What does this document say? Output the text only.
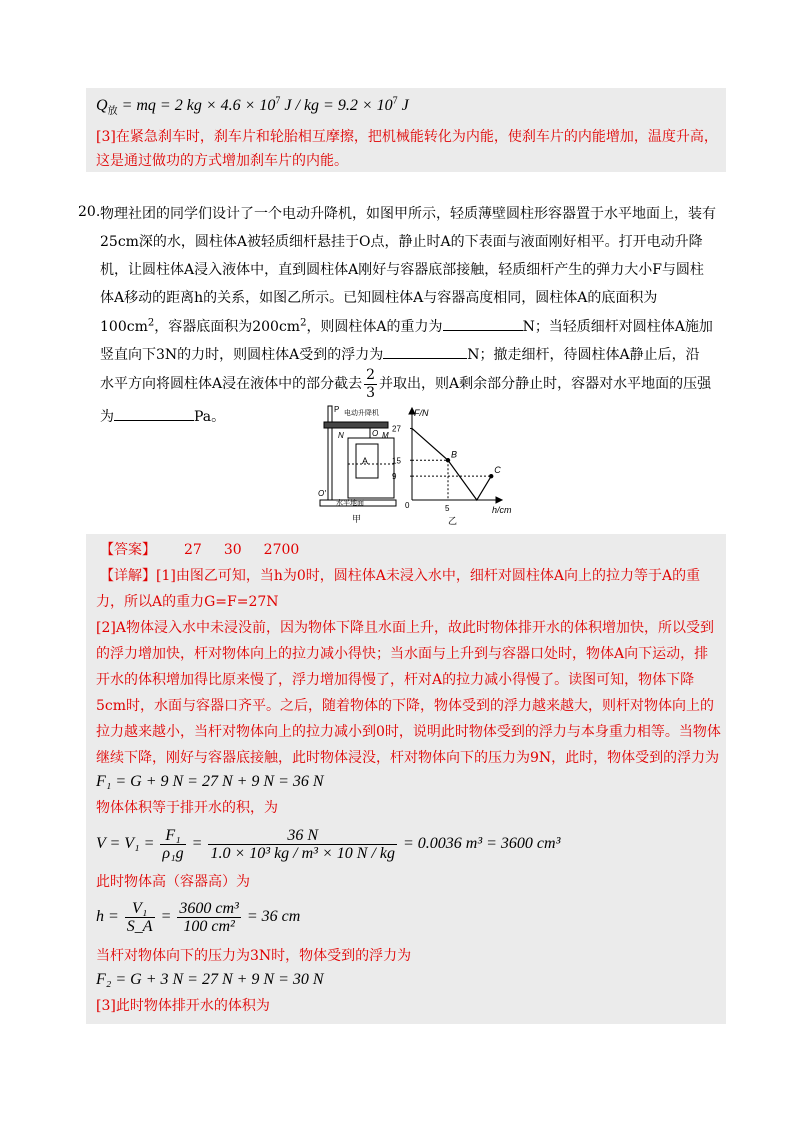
$Q_放$ = mq = 2 kg × $4.6 \times 10^7$ J / kg = $9.2 \times 10^7$ J
[3]在紧急刹车时，刹车片和轮胎相互摩擦，把机械能转化为内能，使刹车片的内能增加，温度升高，
这是通过做功的方式增加刹车片的内能。
20. 物理社团的同学们设计了一个电动升降机，如图甲所示，轻质薄壁圆柱形容器置于水平地面上，装有
25cm深的水，圆柱体A被轻质细杆悬挂于O点，静止时A的下表面与液面刚好相平。打开电动升降
机，让圆柱体A浸入液体中，直到圆柱体A刚好与容器底部接触，轻质细杆产生的弹力大小F与圆柱
体A移动的距离h的关系，如图乙所示。已知圆柱体A与容器高度相同，圆柱体A的底面积为
$100cm^2$，容器底面积为$200cm^2$，则圆柱体A的重力为	N；当轻质细杆对圆柱体A施加
竖直向下3N的力时，则圆柱体A受到的浮力为	N；撤走细杆，待圆柱体A静止后，沿
水平方向将圆柱体A浸在液体中的部分截去 $\frac{2}{3}$ 并取出，则A剩余部分静止时，容器对水平地面的压强
为	Pa。	P 电动升降机
O
N	M
A
O′
水平地面
甲
27
15
9
5
B
C
F/N
h/cm
0
乙
【答案】 27 30 2700
【详解】[1]由图乙可知，当h为0时，圆柱体A未浸入水中，细杆对圆柱体A向上的拉力等于A的重
力，所以A的重力G=F=27N
[2]A物体浸入水中未浸没前，因为物体下降且水面上升，故此时物体排开水的体积增加快，所以受到
的浮力增加快，杆对物体向上的拉力减小得快；当水面与上升到与容器口处时，物体A向下运动，排
开水的体积增加得比原来慢了，浮力增加得慢了，杆对A的拉力减小得慢了。读图可知，物体下降
5cm时，水面与容器口齐平。之后，随着物体的下降，物体受到的浮力越来越大，则杆对物体向上的
拉力越来越小，当杆对物体向上的拉力减小到0时，说明此时物体受到的浮力与本身重力相等。当物体
继续下降，刚好与容器底接触，此时物体浸没，杆对物体向下的压力为9N，此时，物体受到的浮力为
F₁ = G + 9 N = 27 N + 9 N = 36 N
物体体积等于排开水的积，为
$V = V_1 = \frac{\text{F₁}}{\text{ρ₁g}} = \frac{36 N}{\text{1.0 × 10³ kg / m³ × 10 N / kg}} = 0.0036$ m³ = 3600 cm³
此时物体高（容器高）为
$h = \frac{\text{V₁}}{S\_A} = \frac{\text{3600 cm³}}{\text{100 cm²}} = 36$ cm
当杆对物体向下的压力为3N时，物体受到的浮力为
F₂ = G + 3 N = 27 N + 9 N = 30 N
[3]此时物体排开水的体积为
